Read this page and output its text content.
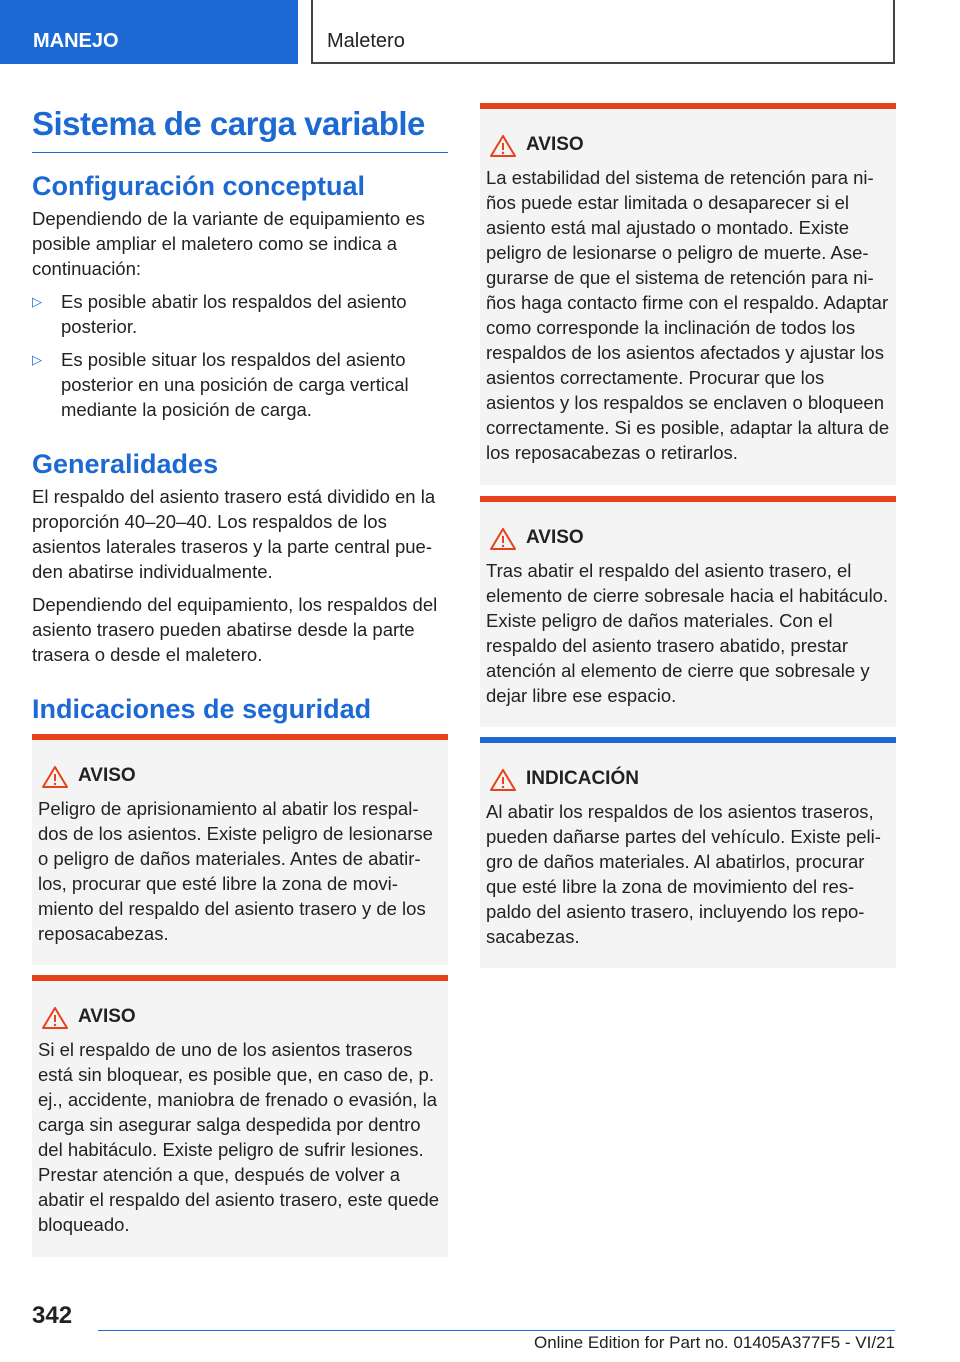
MANEJO	Maletero
Sistema de carga variable
Configuración conceptual

Dependiendo de la variante de equipamiento es posible ampliar el maletero como se indica a continuación:

▷ Es posible abatir los respaldos del asiento posterior.
▷ Es posible situar los respaldos del asiento posterior en una posición de carga vertical mediante la posición de carga.
Generalidades

El respaldo del asiento trasero está dividido en la proporción 40–20–40. Los respaldos de los asientos laterales traseros y la parte central pueden abatirse individualmente.

Dependiendo del equipamiento, los respaldos del asiento trasero pueden abatirse desde la parte trasera o desde el maletero.

Indicaciones de seguridad
AVISO
Peligro de aprisionamiento al abatir los respaldos de los asientos. Existe peligro de lesionarse o peligro de daños materiales. Antes de abatirlos, procurar que esté libre la zona de movimiento del respaldo del asiento trasero y de los reposacabezas.
AVISO
Si el respaldo de uno de los asientos traseros está sin bloquear, es posible que, en caso de, p. ej., accidente, maniobra de frenado o evasión, la carga sin asegurar salga despedida por dentro del habitáculo. Existe peligro de sufrir lesiones. Prestar atención a que, después de volver a abatir el respaldo del asiento trasero, este quede bloqueado.
AVISO
La estabilidad del sistema de retención para niños puede estar limitada o desaparecer si el asiento está mal ajustado o montado. Existe peligro de lesionarse o peligro de muerte. Asegurarse de que el sistema de retención para niños haga contacto firme con el respaldo. Adaptar como corresponde la inclinación de todos los respaldos de los asientos afectados y ajustar los asientos correctamente. Procurar que los asientos y los respaldos se enclaven o bloqueen correctamente. Si es posible, adaptar la altura de los reposacabezas o retirarlos.
AVISO
Tras abatir el respaldo del asiento trasero, el elemento de cierre sobresale hacia el habitáculo. Existe peligro de daños materiales. Con el respaldo del asiento trasero abatido, prestar atención al elemento de cierre que sobresale y dejar libre ese espacio.
INDICACIÓN
Al abatir los respaldos de los asientos traseros, pueden dañarse partes del vehículo. Existe peligro de daños materiales. Al abatirlos, procurar que esté libre la zona de movimiento del respaldo del asiento trasero, incluyendo los reposacabezas.
342
Online Edition for Part no. 01405A377F5 - VI/21
